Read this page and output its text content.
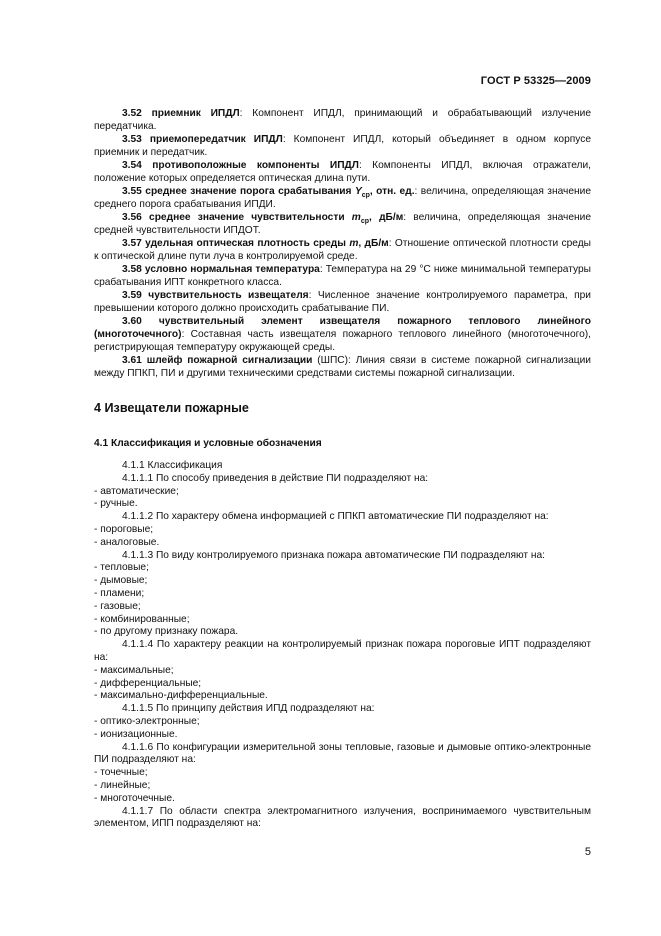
ГОСТ Р 53325—2009

3.52 приемник ИПДЛ: Компонент ИПДЛ, принимающий и обрабатывающий излучение передатчика.

3.53 приемопередатчик ИПДЛ: Компонент ИПДЛ, который объединяет в одном корпусе приемник и передатчик.

3.54 противоположные компоненты ИПДЛ: Компоненты ИПДЛ, включая отражатели, положение которых определяется оптическая длина пути.

3.55 среднее значение порога срабатывания $Y_{ср}$, отн. ед.: величина, определяющая значение среднего порога срабатывания ИПДИ.

3.56 среднее значение чувствительности $m_{ср}$, дБ/м: величина, определяющая значение средней чувствительности ИПДОТ.

3.57 удельная оптическая плотность среды m, дБ/м: Отношение оптической плотности среды к оптической длине пути луча в контролируемой среде.

3.58 условно нормальная температура: Температура на 29 °С ниже минимальной температуры срабатывания ИПТ конкретного класса.

3.59 чувствительность извещателя: Численное значение контролируемого параметра, при превышении которого должно происходить срабатывание ПИ.

3.60 чувствительный элемент извещателя пожарного теплового линейного (многоточечного): Составная часть извещателя пожарного теплового линейного (многоточечного), регистрирующая температуру окружающей среды.

3.61 шлейф пожарной сигнализации (ШПС): Линия связи в системе пожарной сигнализации между ППКП, ПИ и другими техническими средствами системы пожарной сигнализации.

4 Извещатели пожарные
4.1 Классификация и условные обозначения

4.1.1 Классификация

4.1.1.1 По способу приведения в действие ПИ подразделяют на:

- автоматические;

- ручные.

4.1.1.2 По характеру обмена информацией с ППКП автоматические ПИ подразделяют на:

- пороговые;

- аналоговые.

4.1.1.3 По виду контролируемого признака пожара автоматические ПИ подразделяют на:

- тепловые;

- дымовые;

- пламени;

- газовые;

- комбинированные;

- по другому признаку пожара.

4.1.1.4 По характеру реакции на контролируемый признак пожара пороговые ИПТ подразделяют на:

- максимальные;

- дифференциальные;

- максимально-дифференциальные.

4.1.1.5 По принципу действия ИПД подразделяют на:

- оптико-электронные;

- ионизационные.

4.1.1.6 По конфигурации измерительной зоны тепловые, газовые и дымовые оптико-электронные ПИ подразделяют на:

- точечные;

- линейные;

- многоточечные.

4.1.1.7 По области спектра электромагнитного излучения, воспринимаемого чувствительным элементом, ИПП подразделяют на:

5
